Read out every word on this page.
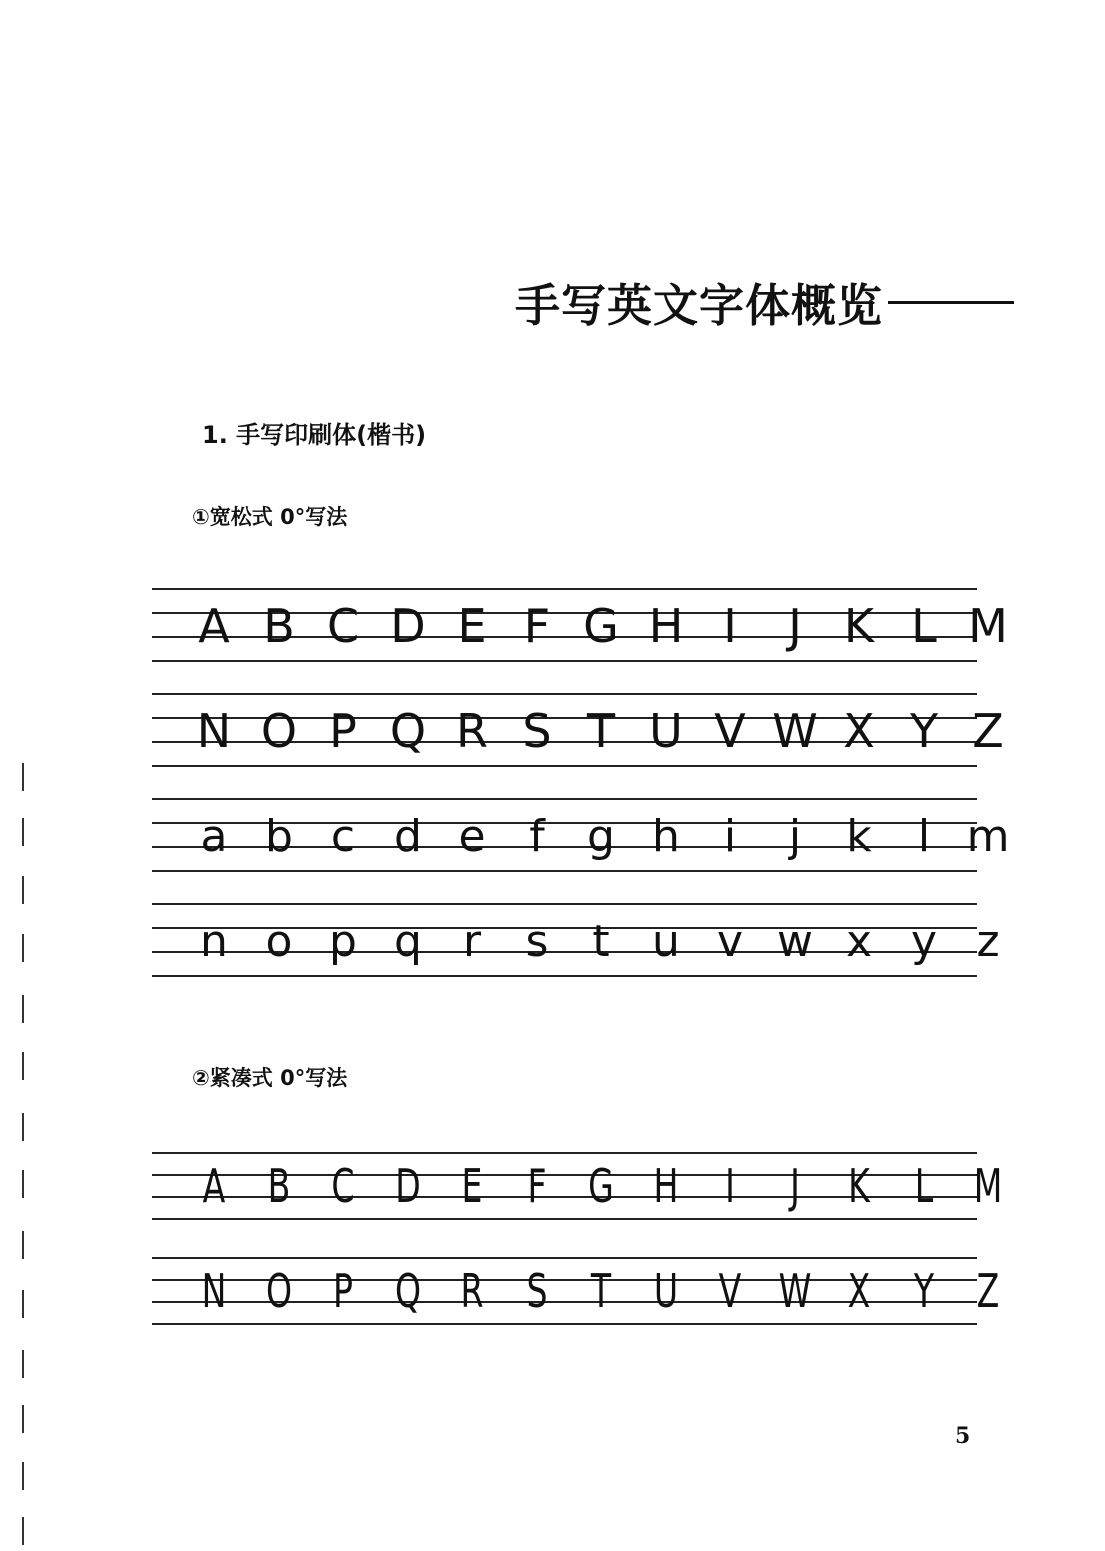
手写英文字体概览
1. 手写印刷体(楷书)
①宽松式 0°写法
②紧凑式 0°写法
5
A B C D E F G H I	J K L M
N O P Q R S T U V W X Y Z
a b c d e f g h i	j	k	l m
n o p q r	s t u v w x y z
A B C D E F G H	I	J	K L M
N O P Q R S T U V W X Y Z
